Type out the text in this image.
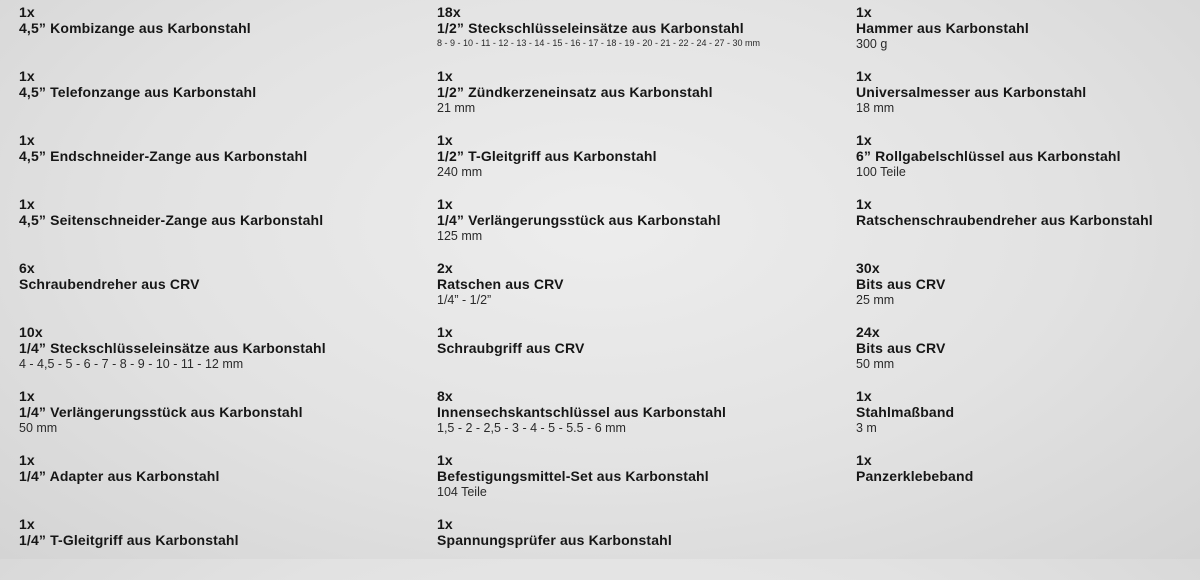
1x
4,5” Kombizange aus Karbonstahl
1x
4,5” Telefonzange aus Karbonstahl
1x
4,5” Endschneider-Zange aus Karbonstahl
1x
4,5” Seitenschneider-Zange aus Karbonstahl
6x
Schraubendreher aus CRV
10x
1/4” Steckschlüsseleinsätze aus Karbonstahl
4 - 4,5 - 5 - 6 - 7 - 8 - 9 - 10 - 11 - 12 mm
1x
1/4” Verlängerungsstück aus Karbonstahl
50 mm
1x
1/4” Adapter aus Karbonstahl
1x
1/4” T-Gleitgriff aus Karbonstahl
18x
1/2” Steckschlüsseleinsätze aus Karbonstahl
8 - 9 - 10 - 11 - 12 - 13 - 14 - 15 - 16 - 17 - 18 - 19 - 20 - 21 - 22 - 24 - 27 - 30 mm
1x
1/2” Zündkerzeneinsatz aus Karbonstahl
21 mm
1x
1/2” T-Gleitgriff aus Karbonstahl
240 mm
1x
1/4” Verlängerungsstück aus Karbonstahl
125 mm
2x
Ratschen aus CRV
1/4” - 1/2”
1x
Schraubgriff aus CRV
8x
Innensechskantschlüssel aus Karbonstahl
1,5 - 2 - 2,5 - 3 - 4 - 5 - 5.5 - 6 mm
1x
Befestigungsmittel-Set aus Karbonstahl
104 Teile
1x
Spannungsprüfer aus Karbonstahl
1x
Hammer aus Karbonstahl
300 g
1x
Universalmesser aus Karbonstahl
18 mm
1x
6” Rollgabelschlüssel aus Karbonstahl
100 Teile
1x
Ratschenschraubendreher aus Karbonstahl
30x
Bits aus CRV
25 mm
24x
Bits aus CRV
50 mm
1x
Stahlmaßband
3 m
1x
Panzerklebeband
